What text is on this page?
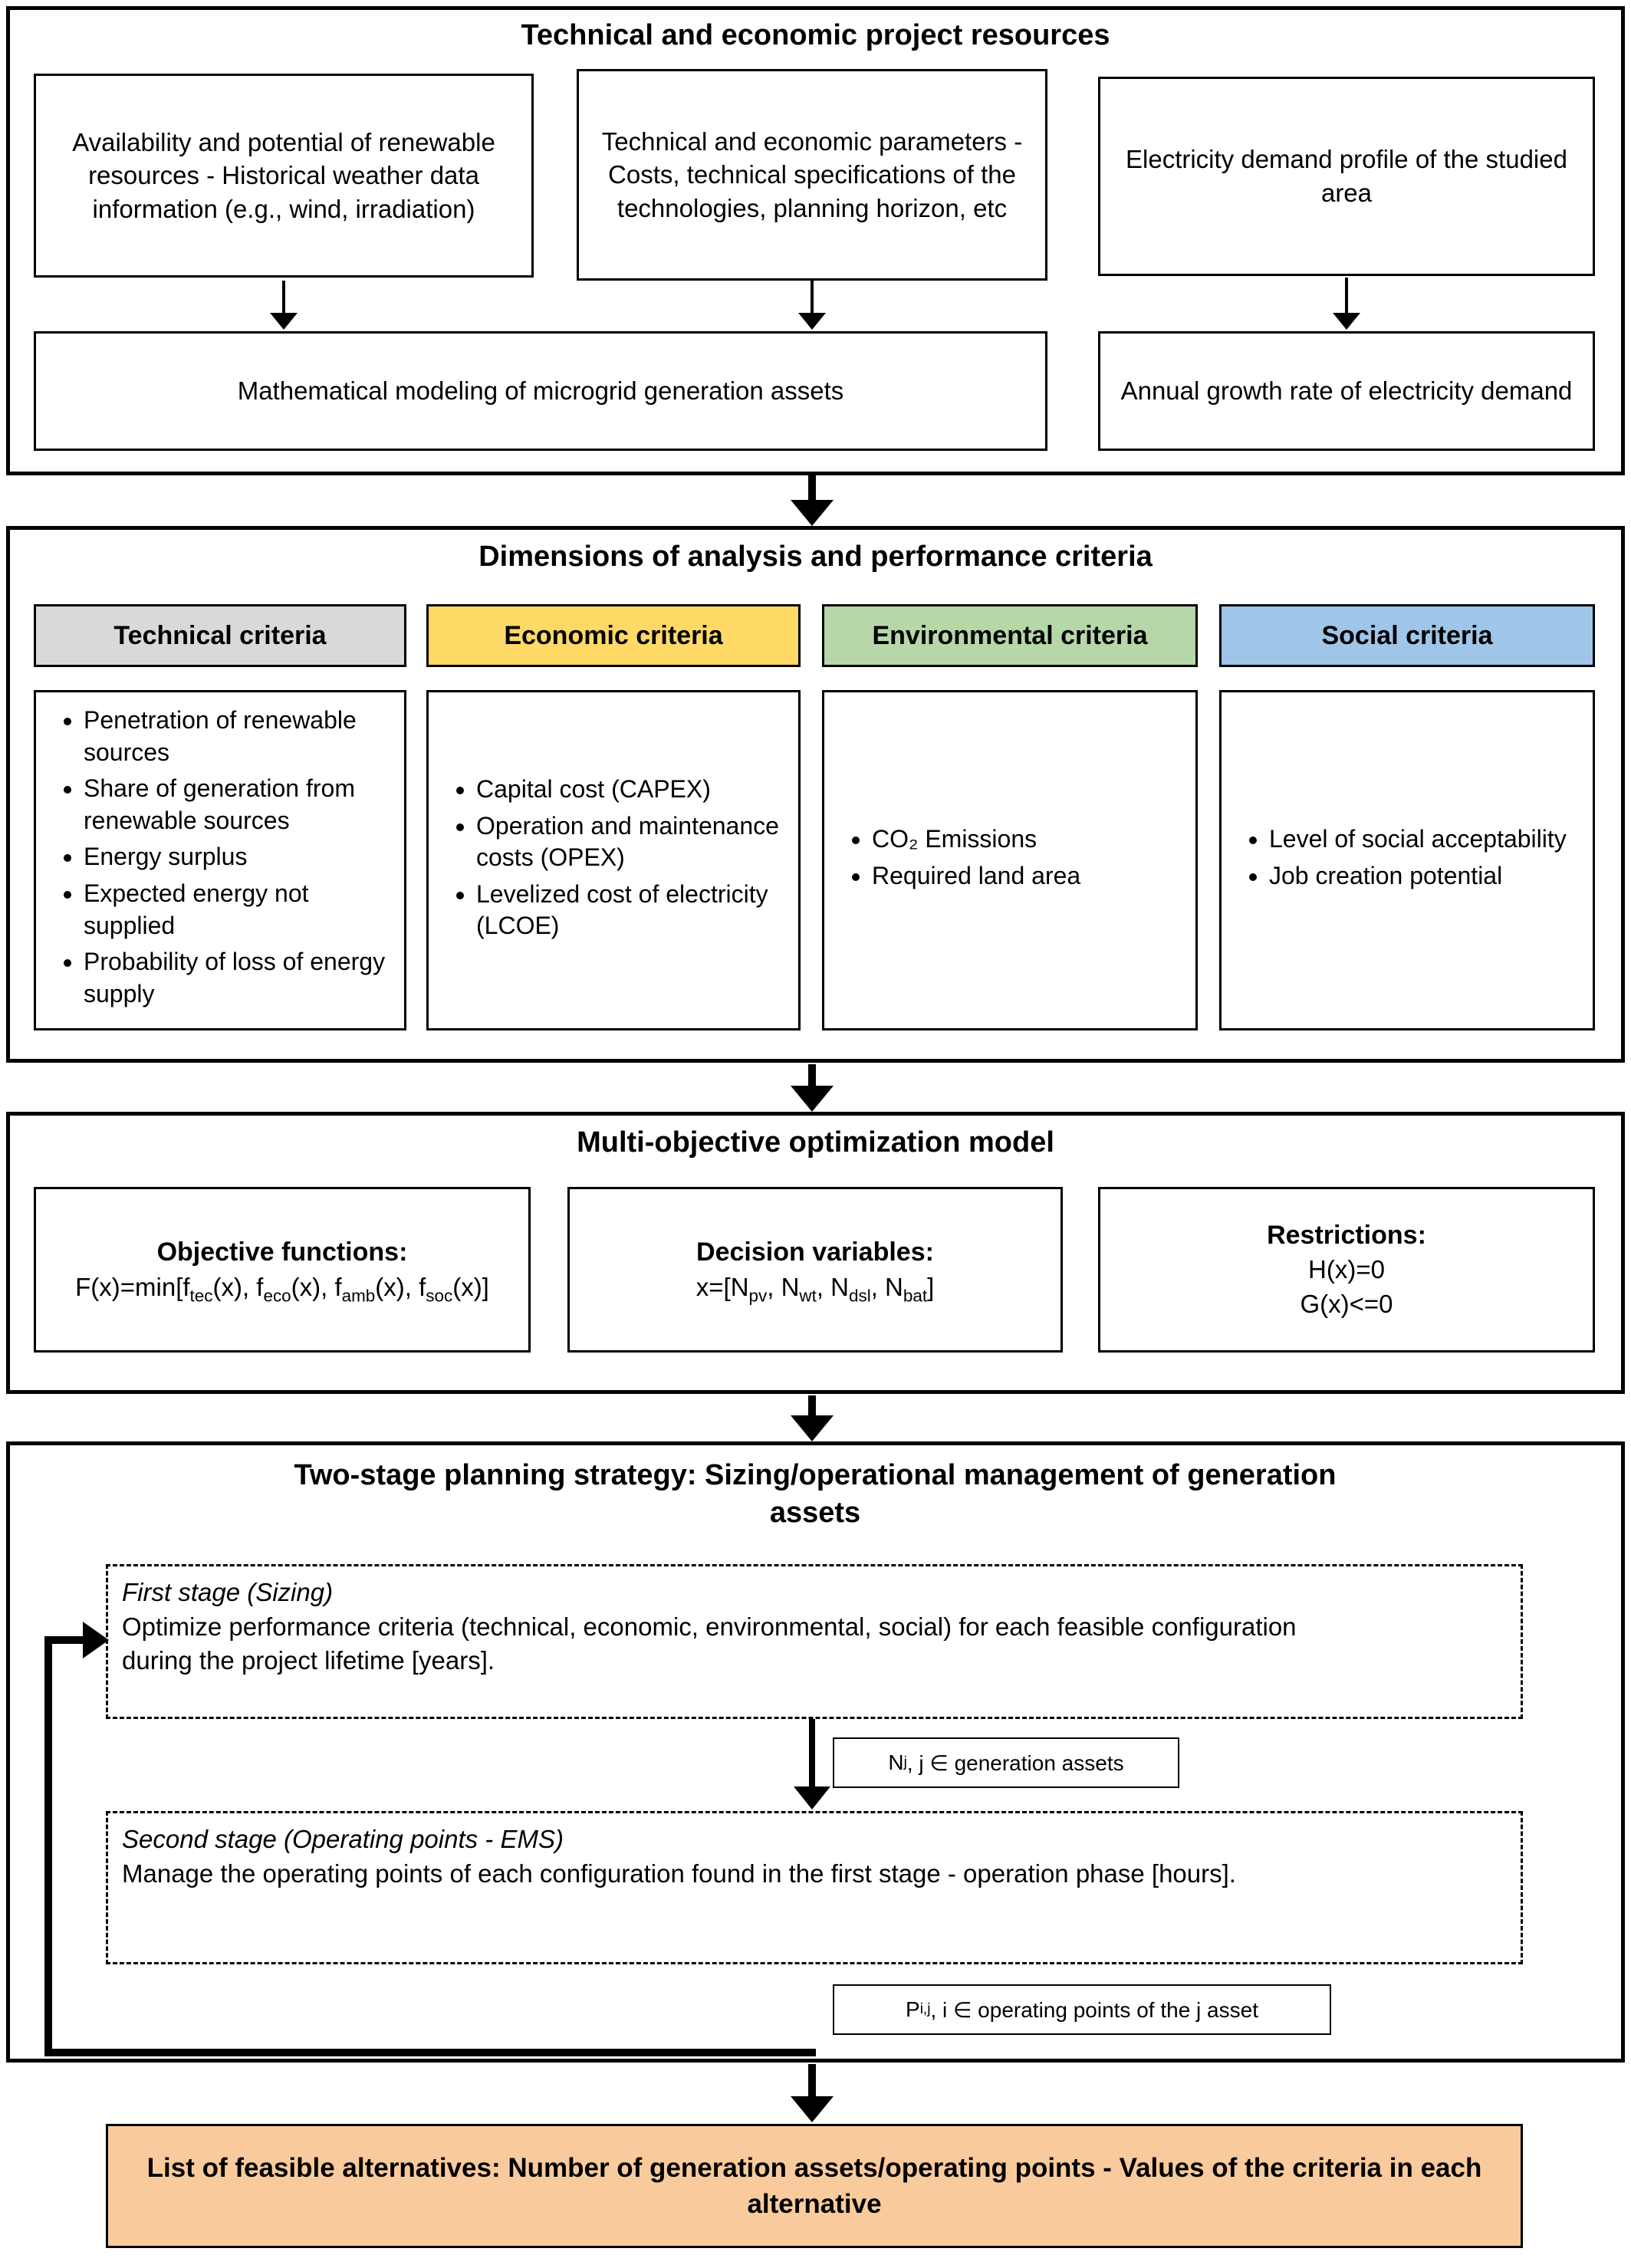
Technical and economic project resources
Availability and potential of renewable resources - Historical weather data information (e.g., wind, irradiation)
Technical and economic parameters - Costs, technical specifications of the technologies, planning horizon, etc
Electricity demand profile of the studied area
Mathematical modeling of microgrid generation assets	Annual growth rate of electricity demand
Dimensions of analysis and performance criteria
Technical criteria
• Penetration of renewable sources
• Share of generation from renewable sources
• Energy surplus
• Expected energy not supplied
• Probability of loss of energy supply
Economic criteria
• Capital cost (CAPEX)
• Operation and maintenance costs (OPEX)
• Levelized cost of electricity (LCOE)
Environmental criteria
• CO₂ Emissions
• Required land area
Social criteria
• Level of social acceptability
• Job creation potential
Multi-objective optimization model
Objective functions:
$F(x)=\min[f_{tec}(x)$, $f_{eco}(x)$, $f_{amb}(x)$, $f_{soc}(x)$]
Decision variables:
$x=[N_{pv}$, $N_{wt}$, $N_{dsl}$, $N_{bat}$]
Restrictions:
H(x)=0
G(x)<=0
Two-stage planning strategy: Sizing/operational management of generation assets
First stage (Sizing)
Optimize performance criteria (technical, economic, environmental, social) for each feasible configuration during the project lifetime [years].
N j , j ∈ generation assets
Second stage (Operating points - EMS)
Manage the operating points of each configuration found in the first stage - operation phase [hours].
P i,j , i ∈ operating points of the j asset
List of feasible alternatives: Number of generation assets/operating points - Values of the criteria in each alternative
